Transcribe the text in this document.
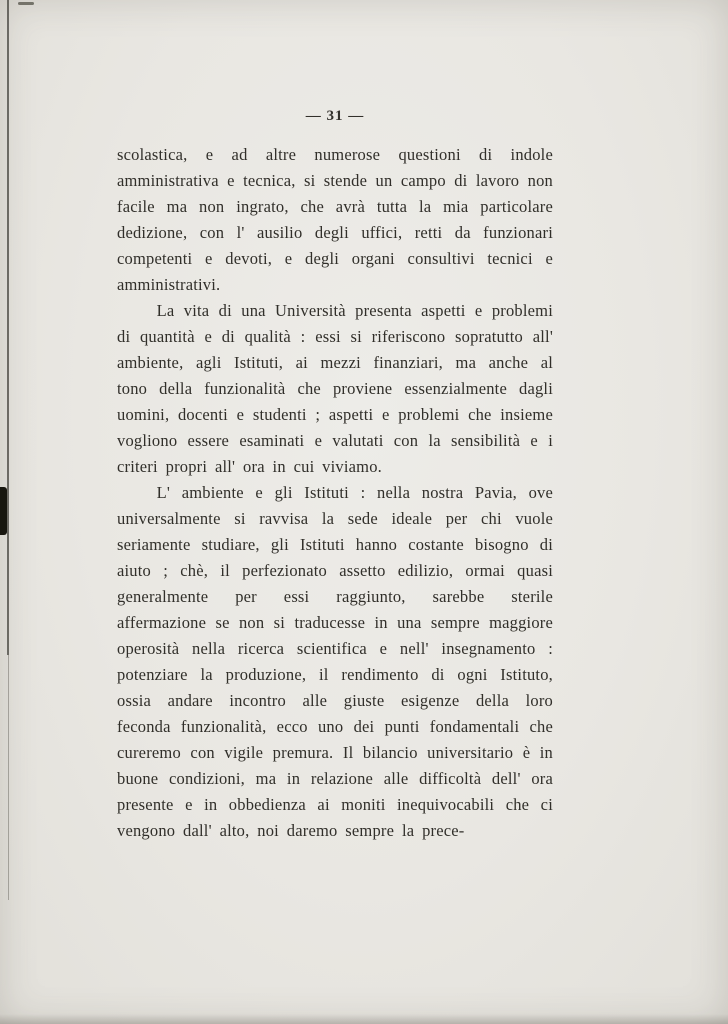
— 31 —

scolastica, e ad altre numerose questioni di indole amministrativa e tecnica, si stende un campo di lavoro non facile ma non ingrato, che avrà tutta la mia particolare dedizione, con l' ausilio degli uffici, retti da funzionari competenti e devoti, e degli organi consultivi tecnici e amministrativi.

La vita di una Università presenta aspetti e problemi di quantità e di qualità : essi si riferiscono sopratutto all' ambiente, agli Istituti, ai mezzi finanziari, ma anche al tono della funzionalità che proviene essenzialmente dagli uomini, docenti e studenti ; aspetti e problemi che insieme vogliono essere esaminati e valutati con la sensibilità e i criteri propri all' ora in cui viviamo.

L' ambiente e gli Istituti : nella nostra Pavia, ove universalmente si ravvisa la sede ideale per chi vuole seriamente studiare, gli Istituti hanno costante bisogno di aiuto ; chè, il perfezionato assetto edilizio, ormai quasi generalmente per essi raggiunto, sarebbe sterile affermazione se non si traducesse in una sempre maggiore operosità nella ricerca scientifica e nell' insegnamento : potenziare la produzione, il rendimento di ogni Istituto, ossia andare incontro alle giuste esigenze della loro feconda funzionalità, ecco uno dei punti fondamentali che cureremo con vigile premura. Il bilancio universitario è in buone condizioni, ma in relazione alle difficoltà dell' ora presente e in obbedienza ai moniti inequivocabili che ci vengono dall' alto, noi daremo sempre la prece-
